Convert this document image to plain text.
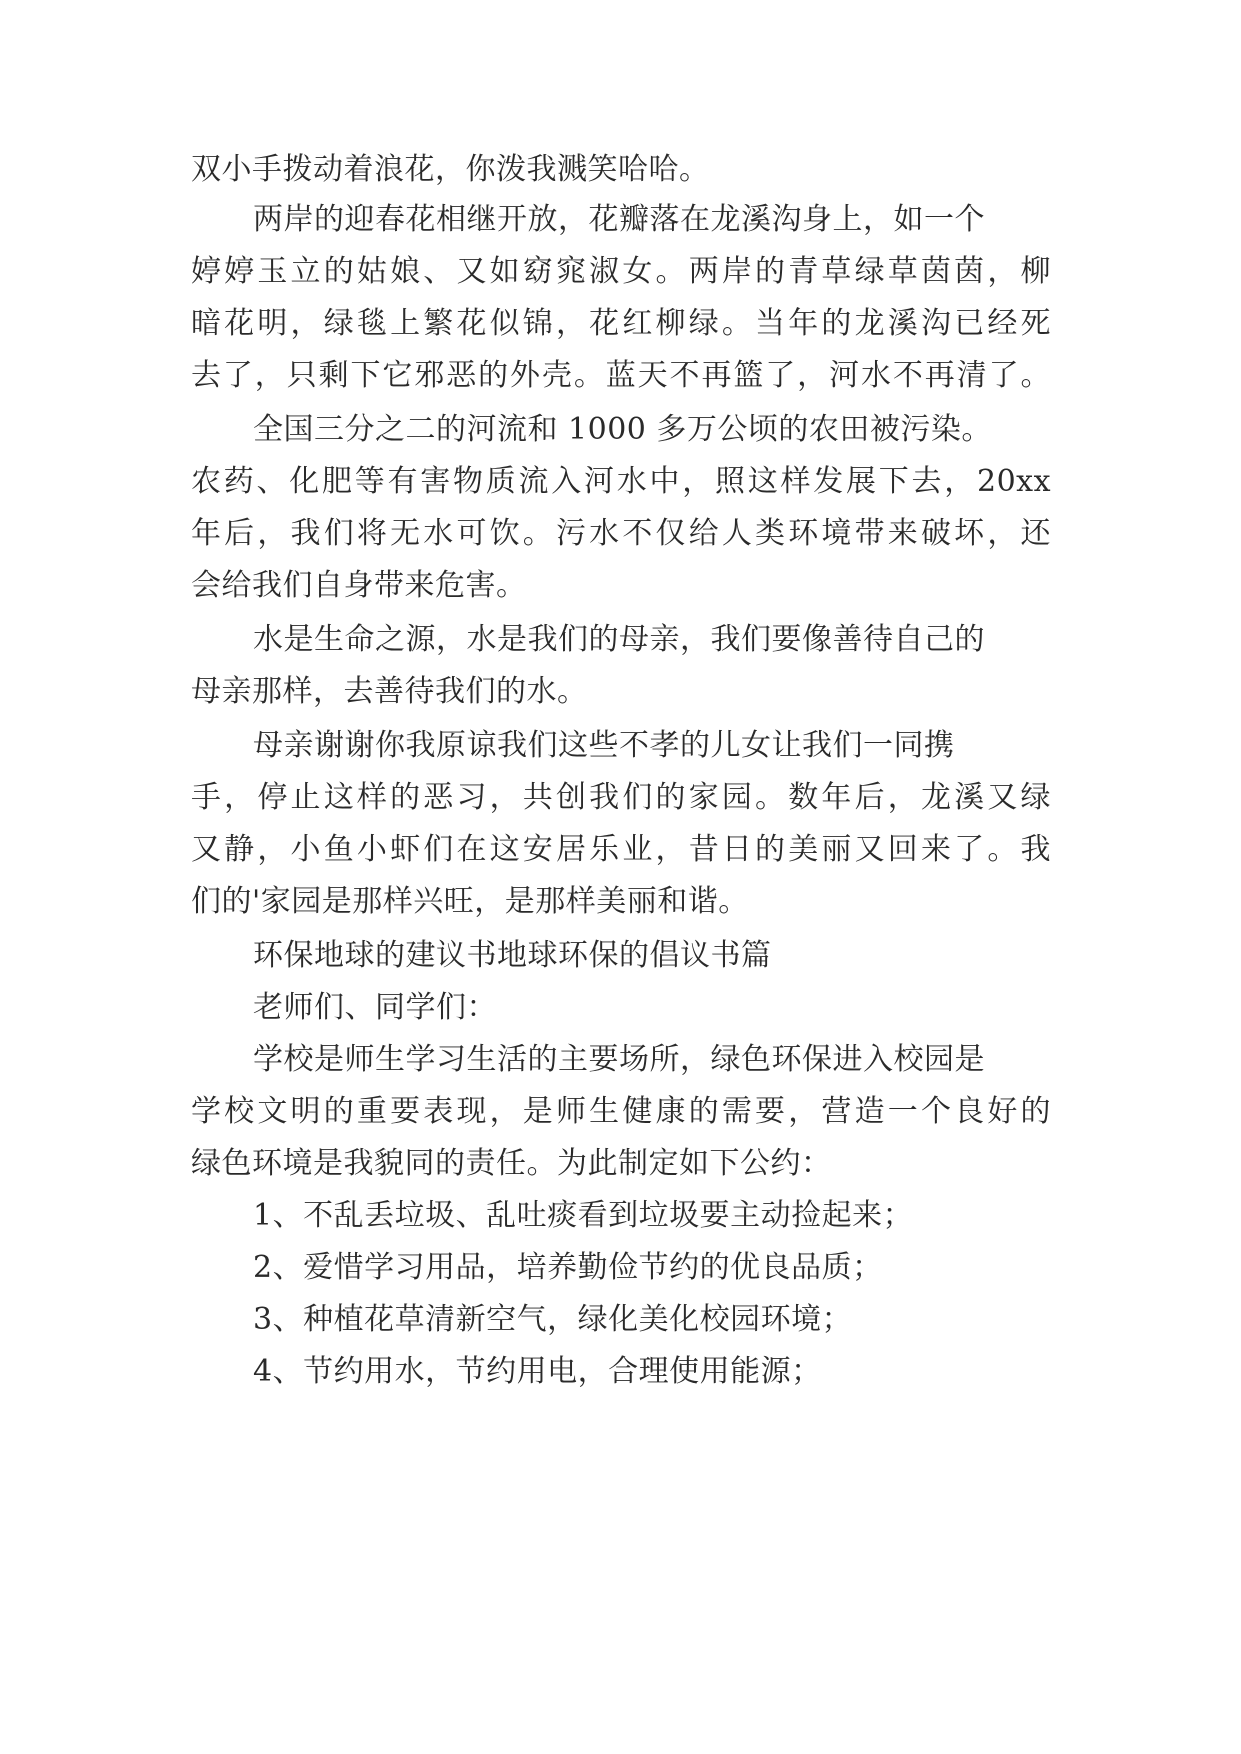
双小手拨动着浪花，你泼我溅笑哈哈。
两岸的迎春花相继开放，花瓣落在龙溪沟身上，如一个
婷婷玉立的姑娘、又如窈窕淑女。两岸的青草绿草茵茵，柳
暗花明，绿毯上繁花似锦，花红柳绿。当年的龙溪沟已经死
去了，只剩下它邪恶的外壳。蓝天不再篮了，河水不再清了。
全国三分之二的河流和 1000 多万公顷的农田被污染。
农药、化肥等有害物质流入河水中，照这样发展下去，20xx
年后，我们将无水可饮。污水不仅给人类环境带来破坏，还
会给我们自身带来危害。
水是生命之源，水是我们的母亲，我们要像善待自己的
母亲那样，去善待我们的水。
母亲谢谢你我原谅我们这些不孝的儿女让我们一同携
手，停止这样的恶习，共创我们的家园。数年后，龙溪又绿
又静，小鱼小虾们在这安居乐业，昔日的美丽又回来了。我
们的'家园是那样兴旺，是那样美丽和谐。
环保地球的建议书地球环保的倡议书篇
老师们、同学们：
学校是师生学习生活的主要场所，绿色环保进入校园是
学校文明的重要表现，是师生健康的需要，营造一个良好的
绿色环境是我貌同的责任。为此制定如下公约：
1、不乱丢垃圾、乱吐痰看到垃圾要主动捡起来；
2、爱惜学习用品，培养勤俭节约的优良品质；
3、种植花草清新空气，绿化美化校园环境；
4、节约用水，节约用电，合理使用能源；
